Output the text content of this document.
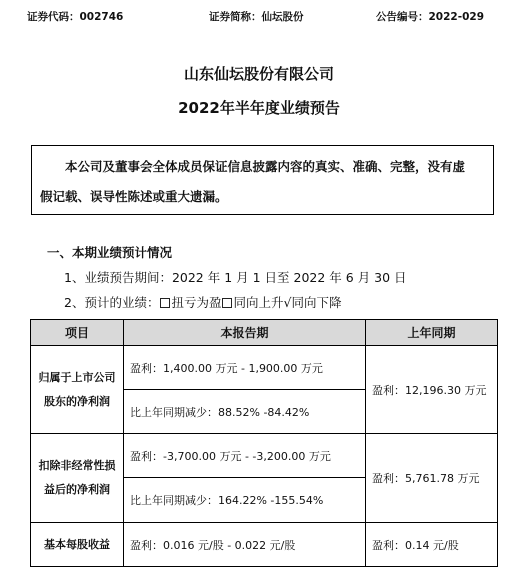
证券代码：002746	证券简称：仙坛股份	公告编号：2022-029
山东仙坛股份有限公司
2022年半年度业绩预告

本公司及董事会全体成员保证信息披露内容的真实、准确、完整，没有虚

假记载、误导性陈述或重大遗漏。

一、本期业绩预计情况
1、业绩预告期间：2022 年 1 月 1 日至 2022 年 6 月 30 日
2、预计的业绩： 扭亏为盈 同向上升√同向下降
项目	本报告期	上年同期
归属于上市公司股东的净利润	盈利：1,400.00 万元 - 1,900.00 万元	盈利：12,196.30 万元
	比上年同期减少：88.52% -84.42%	
扣除非经常性损益后的净利润	盈利：-3,700.00 万元 - -3,200.00 万元	盈利：5,761.78 万元
	比上年同期减少：164.22% -155.54%	
基本每股收益	盈利：0.016 元/股 - 0.022 元/股	盈利：0.14 元/股
